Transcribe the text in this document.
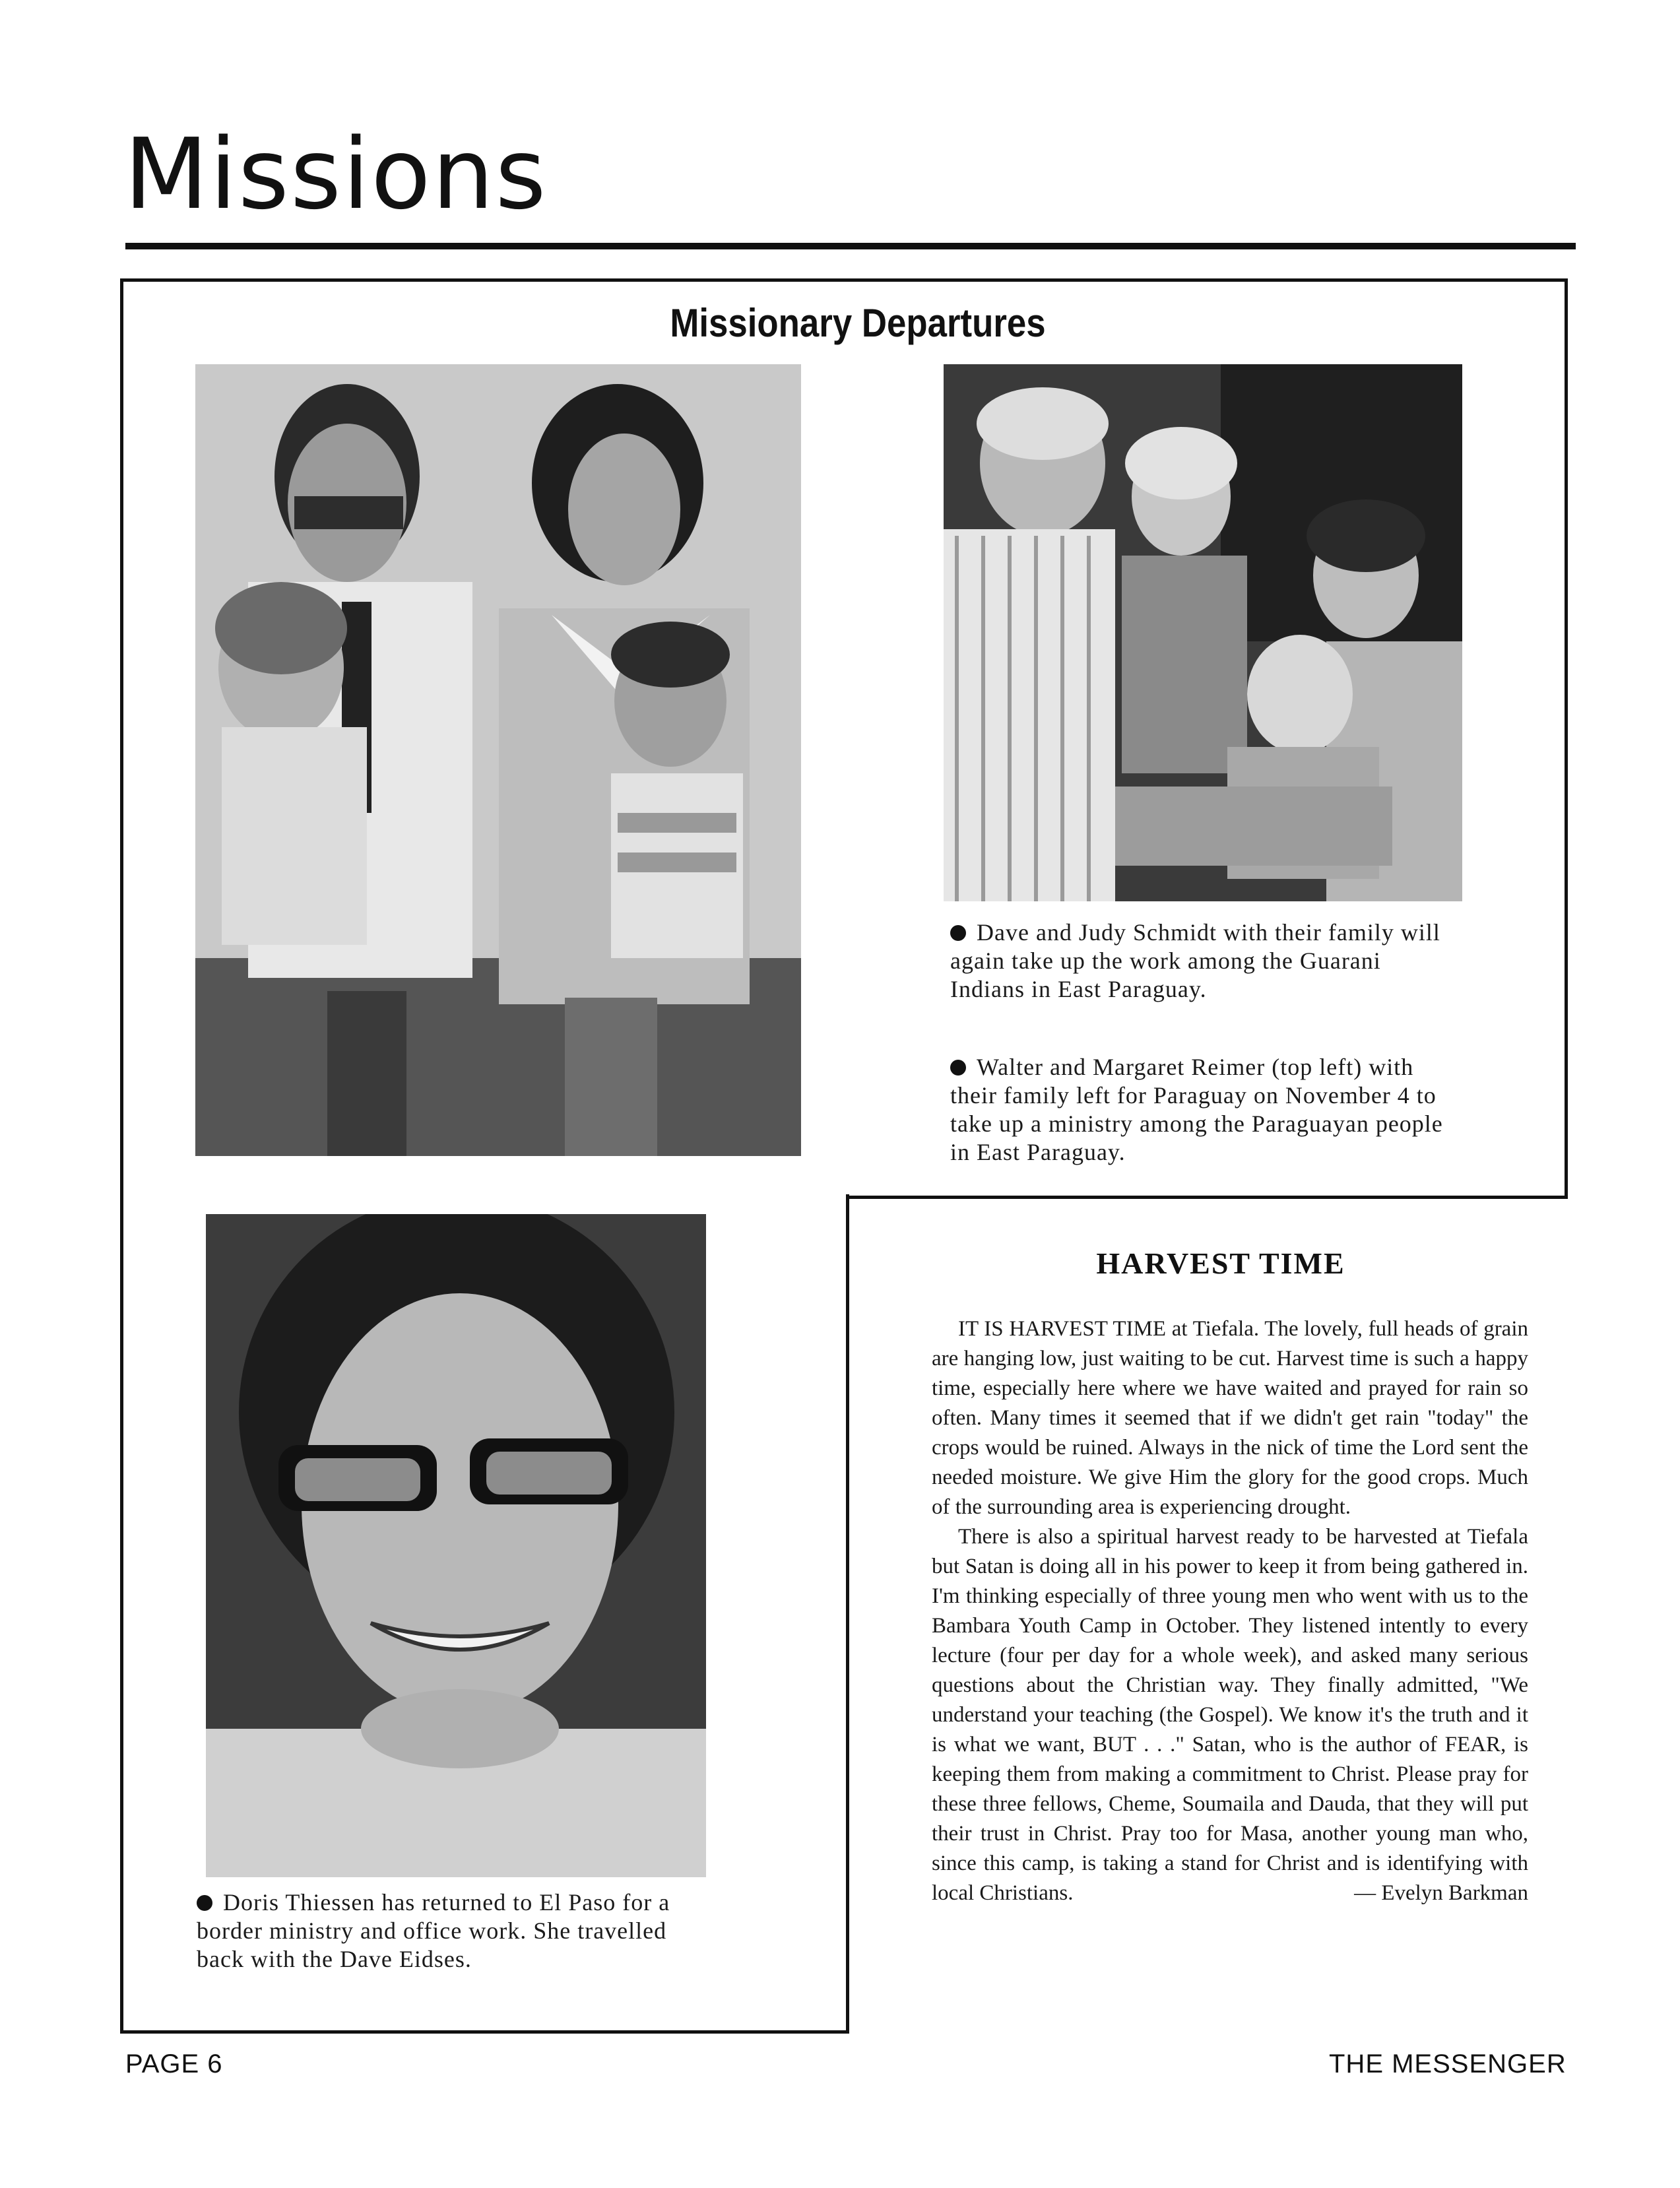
Missions
Missionary Departures
Dave and Judy Schmidt with their family will again take up the work among the Guarani Indians in East Paraguay.
Walter and Margaret Reimer (top left) with their family left for Paraguay on November 4 to take up a ministry among the Paraguayan people in East Paraguay.
Doris Thiessen has returned to El Paso for a border ministry and office work. She travelled back with the Dave Eidses.
HARVEST TIME

IT IS HARVEST TIME at Tiefala. The lovely, full heads of grain are hanging low, just waiting to be cut. Harvest time is such a happy time, especially here where we have waited and prayed for rain so often. Many times it seemed that if we didn't get rain "today" the crops would be ruined. Always in the nick of time the Lord sent the needed moisture. We give Him the glory for the good crops. Much of the surrounding area is experiencing drought.

There is also a spiritual harvest ready to be harvested at Tiefala but Satan is doing all in his power to keep it from being gathered in. I'm thinking especially of three young men who went with us to the Bambara Youth Camp in October. They listened intently to every lecture (four per day for a whole week), and asked many serious questions about the Christian way. They finally admitted, "We understand your teaching (the Gospel). We know it's the truth and it is what we want, BUT . . ." Satan, who is the author of FEAR, is keeping them from making a commitment to Christ. Please pray for these three fellows, Cheme, Soumaila and Dauda, that they will put their trust in Christ. Pray too for Masa, another young man who, since this camp, is taking a stand for Christ and is identifying with local Christians.	— Evelyn Barkman
PAGE 6	THE MESSENGER
